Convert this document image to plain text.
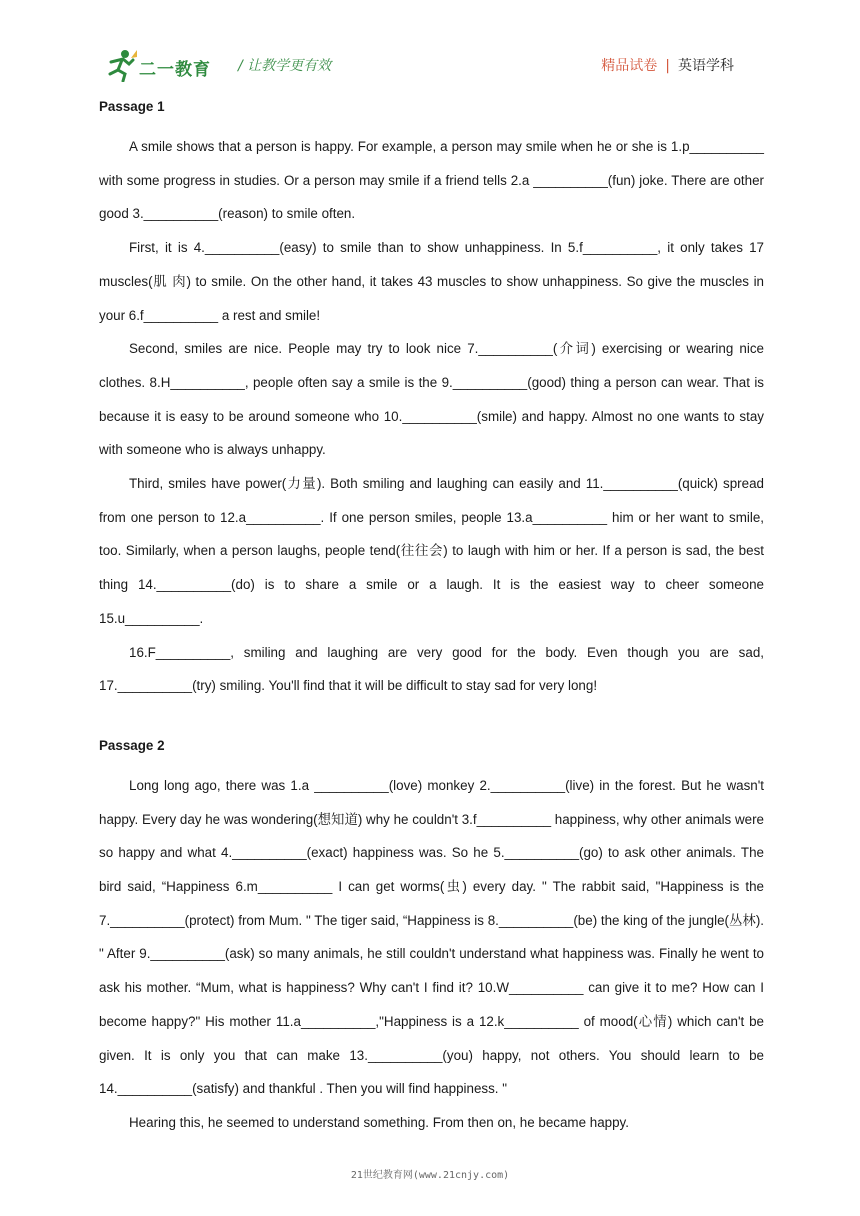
二一教育 / 让教学更有效	精品试卷 | 英语学科

Passage 1

A smile shows that a person is happy. For example, a person may smile when he or she is 1.p__________ with some progress in studies. Or a person may smile if a friend tells 2.a __________(fun) joke. There are other good 3.__________(reason) to smile often.

First, it is 4.__________(easy) to smile than to show unhappiness. In 5.f__________, it only takes 17 muscles(肌 肉) to smile. On the other hand, it takes 43 muscles to show unhappiness. So give the muscles in your 6.f__________ a rest and smile!

Second, smiles are nice. People may try to look nice 7.__________(介词) exercising or wearing nice clothes. 8.H__________, people often say a smile is the 9.__________(good) thing a person can wear. That is because it is easy to be around someone who 10.__________(smile) and happy. Almost no one wants to stay with someone who is always unhappy.

Third, smiles have power(力量). Both smiling and laughing can easily and 11.__________(quick) spread from one person to 12.a__________. If one person smiles, people 13.a__________ him or her want to smile, too. Similarly, when a person laughs, people tend(往往会) to laugh with him or her. If a person is sad, the best thing 14.__________(do) is to share a smile or a laugh. It is the easiest way to cheer someone 15.u__________.

16.F__________, smiling and laughing are very good for the body. Even though you are sad, 17.__________(try) smiling. You'll find that it will be difficult to stay sad for very long!

Passage 2

Long long ago, there was 1.a __________(love) monkey 2.__________(live) in the forest. But he wasn't happy. Every day he was wondering(想知道) why he couldn't 3.f__________ happiness, why other animals were so happy and what 4.__________(exact) happiness was. So he 5.__________(go) to ask other animals. The bird said, “Happiness 6.m__________ I can get worms(虫) every day. " The rabbit said, "Happiness is the 7.__________(protect) from Mum. " The tiger said, “Happiness is 8.__________(be) the king of the jungle(丛林). " After 9.__________(ask) so many animals, he still couldn't understand what happiness was. Finally he went to ask his mother. “Mum, what is happiness? Why can't I find it? 10.W__________ can give it to me? How can I become happy?" His mother 11.a__________,"Happiness is a 12.k__________ of mood(心情) which can't be given. It is only you that can make 13.__________(you) happy, not others. You should learn to be 14.__________(satisfy) and thankful . Then you will find happiness. "

Hearing this, he seemed to understand something. From then on, he became happy.

21世纪教育网(www.21cnjy.com)
